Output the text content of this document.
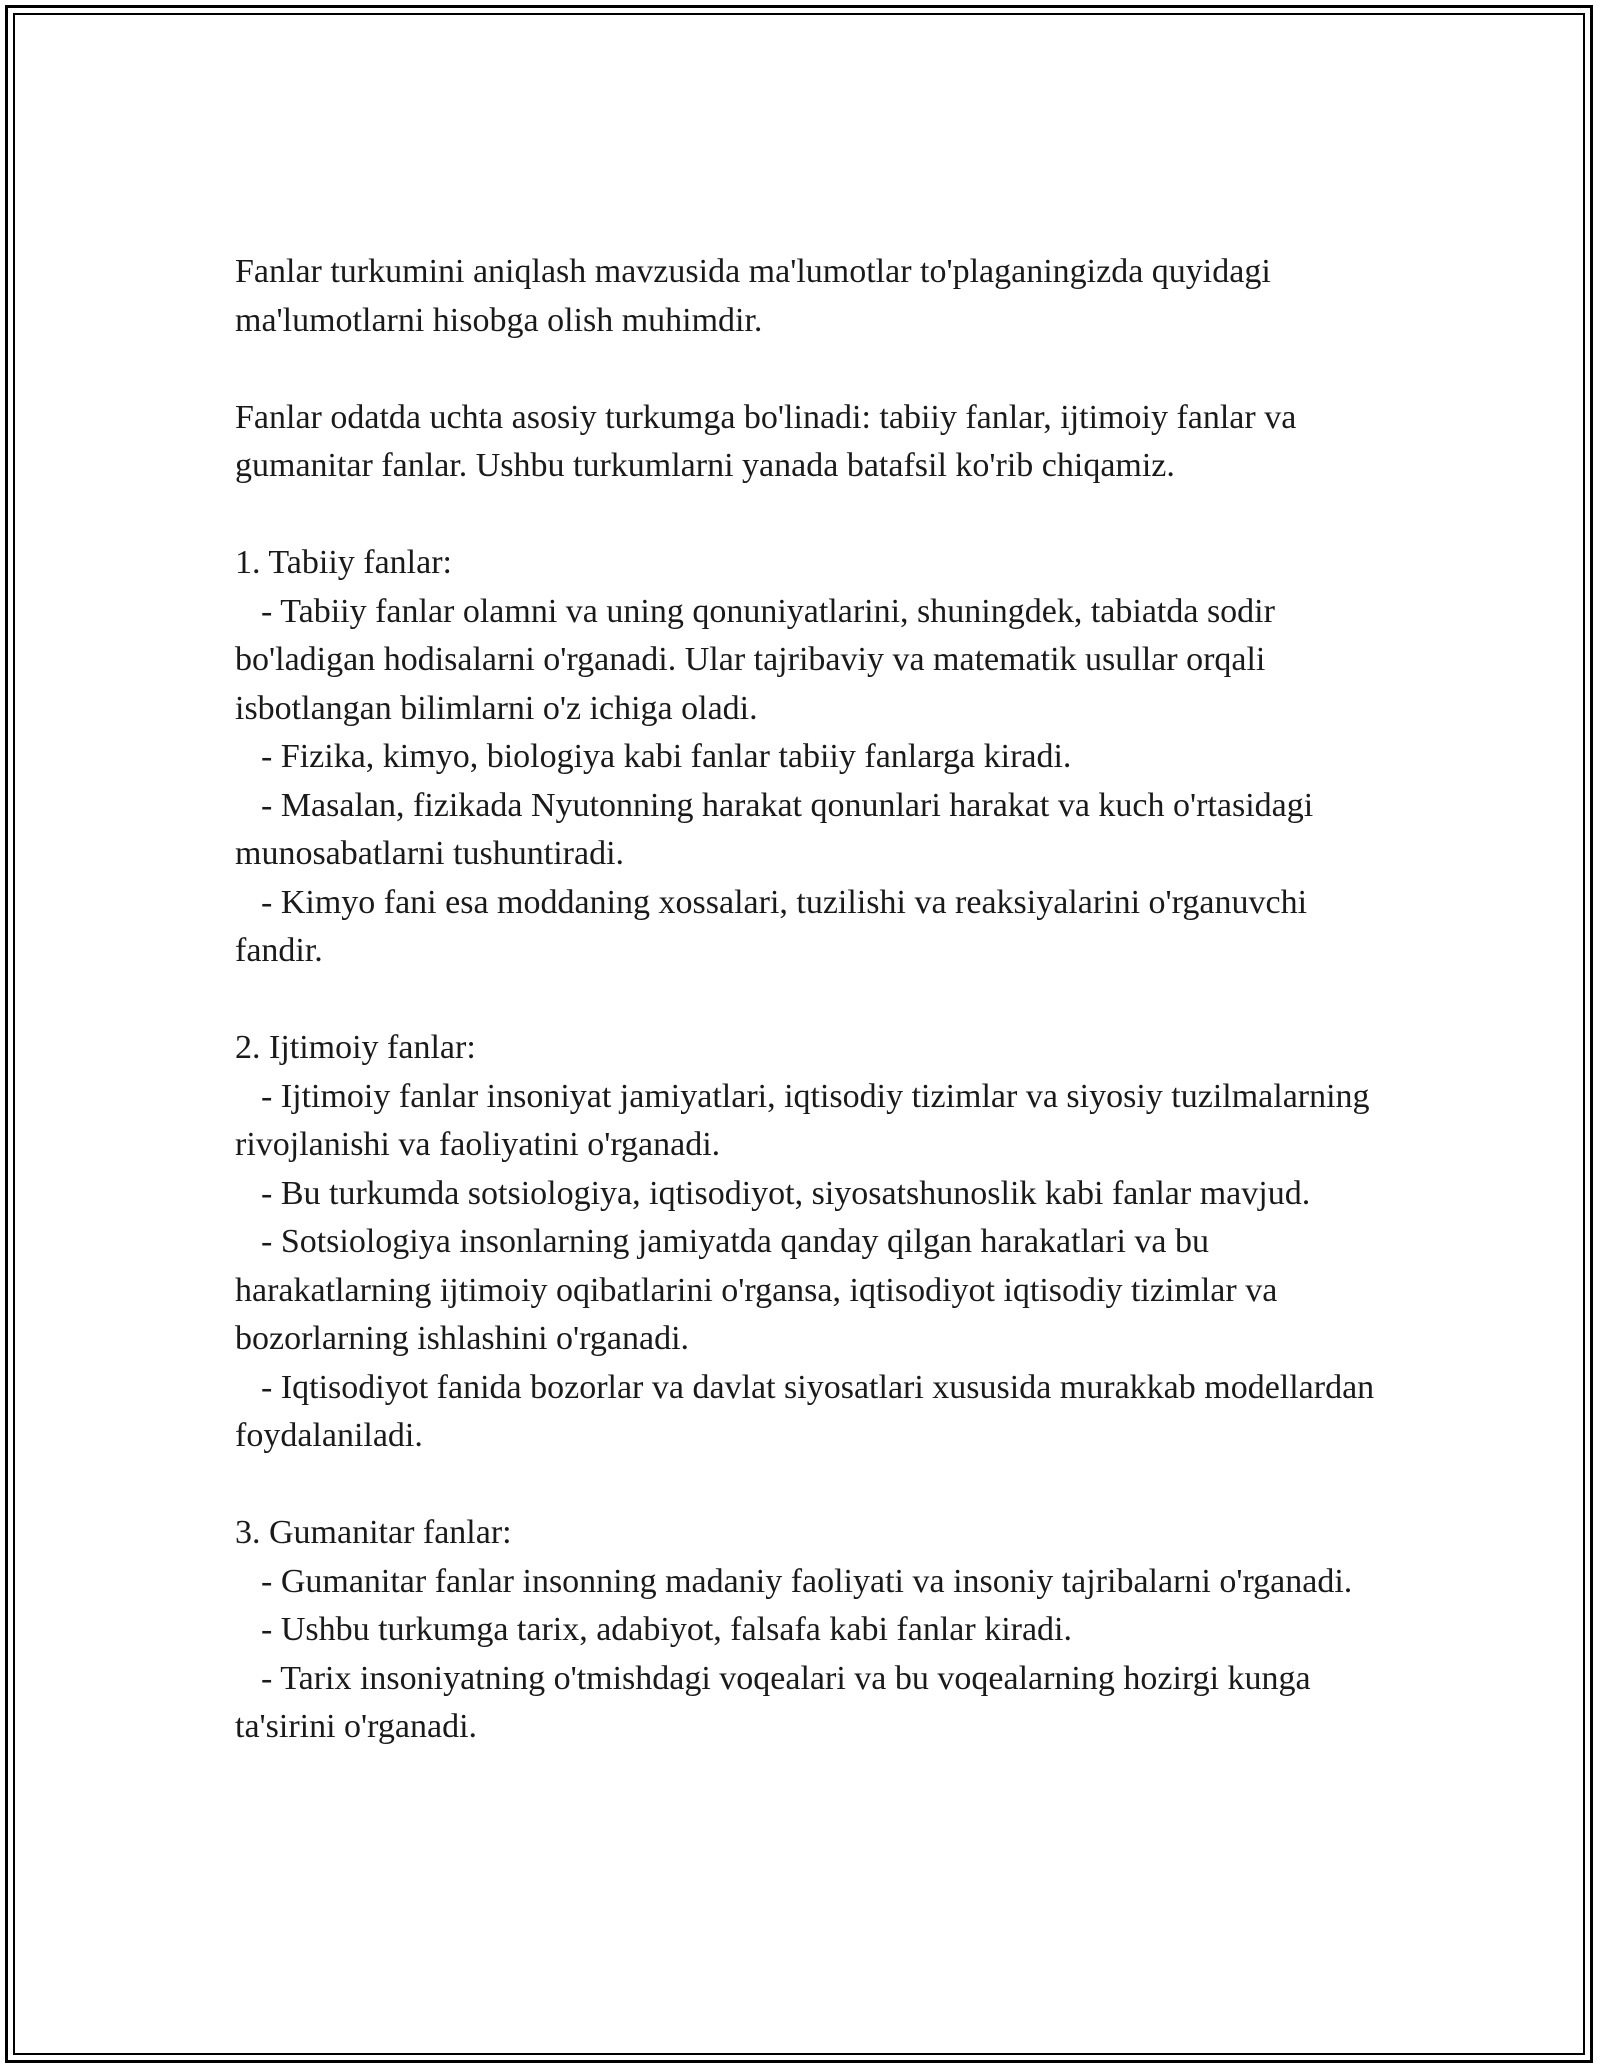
Fanlar turkumini aniqlash mavzusida ma'lumotlar to'plaganingizda quyidagi ma'lumotlarni hisobga olish muhimdir.

Fanlar odatda uchta asosiy turkumga bo'linadi: tabiiy fanlar, ijtimoiy fanlar va gumanitar fanlar. Ushbu turkumlarni yanada batafsil ko'rib chiqamiz.

1. Tabiiy fanlar:

- Tabiiy fanlar olamni va uning qonuniyatlarini, shuningdek, tabiatda sodir bo'ladigan hodisalarni o'rganadi. Ular tajribaviy va matematik usullar orqali isbotlangan bilimlarni o'z ichiga oladi.

- Fizika, kimyo, biologiya kabi fanlar tabiiy fanlarga kiradi.

- Masalan, fizikada Nyutonning harakat qonunlari harakat va kuch o'rtasidagi munosabatlarni tushuntiradi.

- Kimyo fani esa moddaning xossalari, tuzilishi va reaksiyalarini o'rganuvchi fandir.

2. Ijtimoiy fanlar:

- Ijtimoiy fanlar insoniyat jamiyatlari, iqtisodiy tizimlar va siyosiy tuzilmalarning rivojlanishi va faoliyatini o'rganadi.

- Bu turkumda sotsiologiya, iqtisodiyot, siyosatshunoslik kabi fanlar mavjud.

- Sotsiologiya insonlarning jamiyatda qanday qilgan harakatlari va bu harakatlarning ijtimoiy oqibatlarini o'rgansa, iqtisodiyot iqtisodiy tizimlar va bozorlarning ishlashini o'rganadi.

- Iqtisodiyot fanida bozorlar va davlat siyosatlari xususida murakkab modellardan foydalaniladi.

3. Gumanitar fanlar:

- Gumanitar fanlar insonning madaniy faoliyati va insoniy tajribalarni o'rganadi.

- Ushbu turkumga tarix, adabiyot, falsafa kabi fanlar kiradi.

- Tarix insoniyatning o'tmishdagi voqealari va bu voqealarning hozirgi kunga ta'sirini o'rganadi.
